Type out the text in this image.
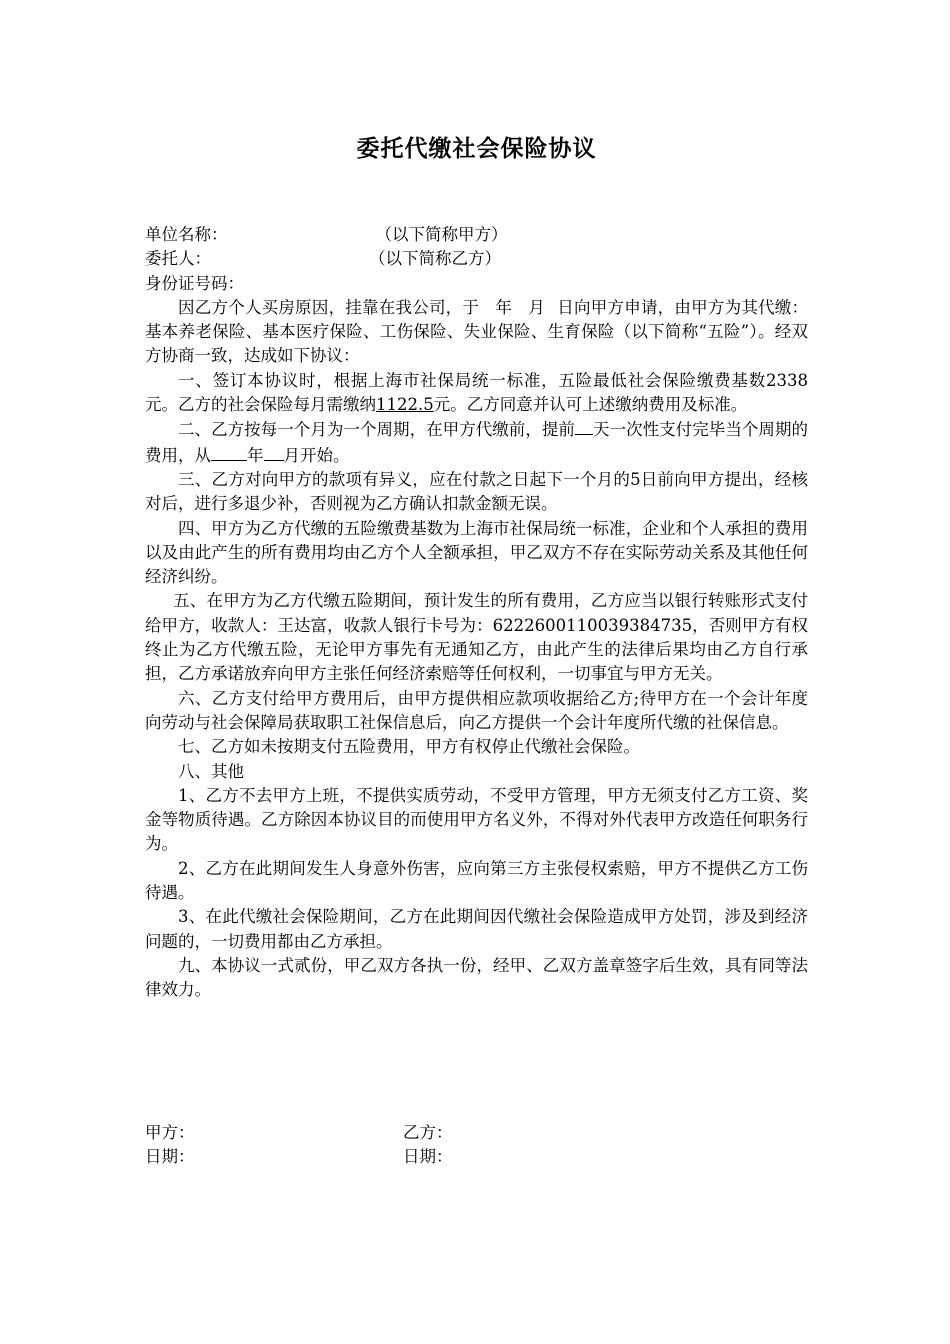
委托代缴社会保险协议
单位名称：	（以下简称甲方）
委托人：	（以下简称乙方）
身份证号码：
因乙方个人买房原因，挂靠在我公司，于 年 月 日向甲方申请，由甲方为其代缴：基本养老保险、基本医疗保险、工伤保险、失业保险、生育保险（以下简称“五险”）。经双方协商一致，达成如下协议：
一、签订本协议时，根据上海市社保局统一标准，五险最低社会保险缴费基数2338元。乙方的社会保险每月需缴纳1122.5元。乙方同意并认可上述缴纳费用及标准。
二、乙方按每一个月为一个周期，在甲方代缴前，提前 天一次性支付完毕当个周期的费用，从 年 月开始。
三、乙方对向甲方的款项有异义，应在付款之日起下一个月的5日前向甲方提出，经核对后，进行多退少补，否则视为乙方确认扣款金额无误。
四、甲方为乙方代缴的五险缴费基数为上海市社保局统一标准，企业和个人承担的费用以及由此产生的所有费用均由乙方个人全额承担，甲乙双方不存在实际劳动关系及其他任何经济纠纷。
五、在甲方为乙方代缴五险期间，预计发生的所有费用，乙方应当以银行转账形式支付给甲方，收款人：王达富，收款人银行卡号为：6222600110039384735，否则甲方有权终止为乙方代缴五险，无论甲方事先有无通知乙方，由此产生的法律后果均由乙方自行承担，乙方承诺放弃向甲方主张任何经济索赔等任何权利，一切事宜与甲方无关。
六、乙方支付给甲方费用后，由甲方提供相应款项收据给乙方;待甲方在一个会计年度向劳动与社会保障局获取职工社保信息后，向乙方提供一个会计年度所代缴的社保信息。
七、乙方如未按期支付五险费用，甲方有权停止代缴社会保险。
八、其他
1、乙方不去甲方上班，不提供实质劳动，不受甲方管理，甲方无须支付乙方工资、奖金等物质待遇。乙方除因本协议目的而使用甲方名义外，不得对外代表甲方改造任何职务行为。
2、乙方在此期间发生人身意外伤害，应向第三方主张侵权索赔，甲方不提供乙方工伤待遇。
3、在此代缴社会保险期间，乙方在此期间因代缴社会保险造成甲方处罚，涉及到经济问题的，一切费用都由乙方承担。
九、本协议一式贰份，甲乙双方各执一份，经甲、乙双方盖章签字后生效，具有同等法律效力。
甲方：	乙方：
日期：	日期：
